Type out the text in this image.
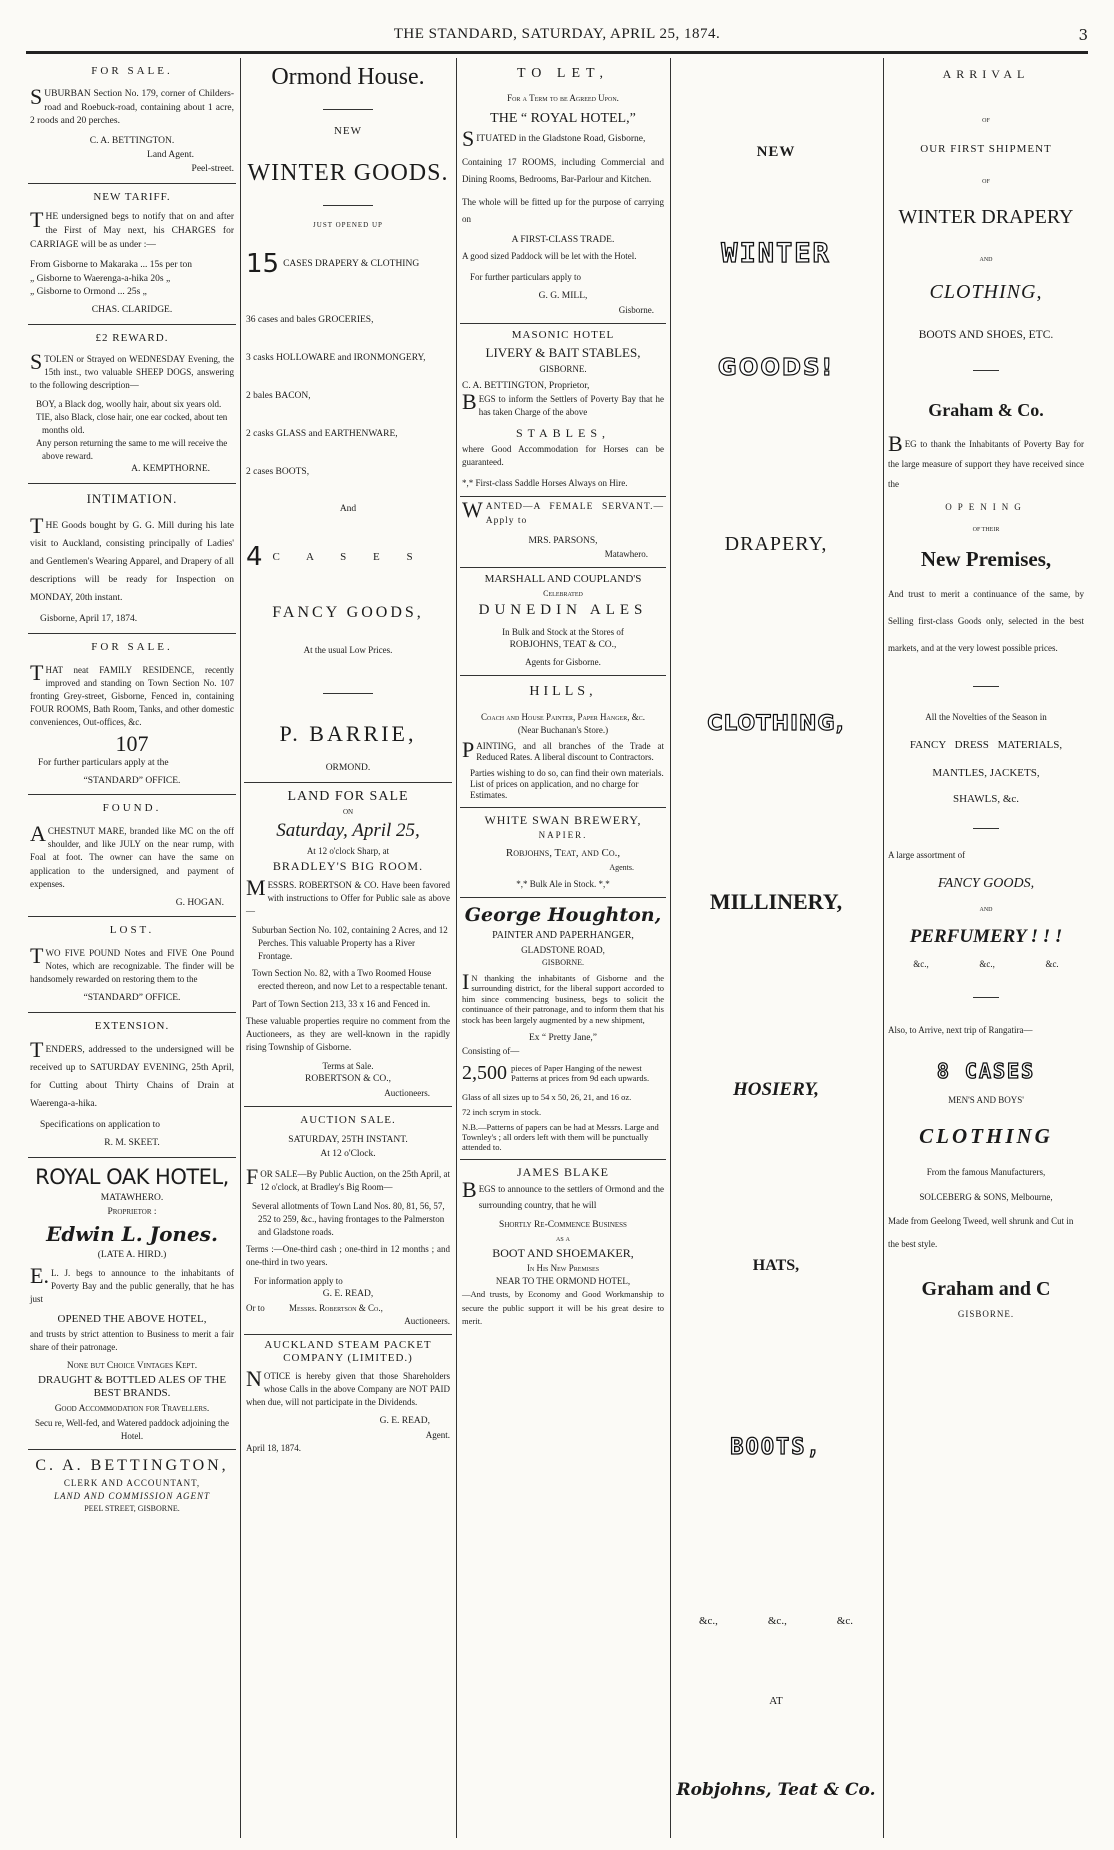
THE STANDARD, SATURDAY, APRIL 25, 1874.	3
FOR SALE.
SUBURBAN Section No. 179, corner of Childers-road and Roebuck-road, containing about 1 acre, 2 roods and 20 perches.
C. A. BETTINGTON.
Land Agent.
Peel-street.
NEW TARIFF.
THE undersigned begs to notify that on and after the First of May next, his CHARGES for CARRIAGE will be as under :—
From Gisborne to Makaraka ... 15s per ton
„ Gisborne to Waerenga-a-hika 20s „
„ Gisborne to Ormond ... 25s „
CHAS. CLARIDGE.
£2 REWARD.
STOLEN or Strayed on WEDNESDAY Evening, the 15th inst., two valuable SHEEP DOGS, answering to the following description—
BOY, a Black dog, woolly hair, about six years old.
TIE, also Black, close hair, one ear cocked, about ten months old.
Any person returning the same to me will receive the above reward.
A. KEMPTHORNE.
INTIMATION.
THE Goods bought by G. G. Mill during his late visit to Auckland, consisting principally of Ladies' and Gentlemen's Wearing Apparel, and Drapery of all descriptions will be ready for Inspection on MONDAY, 20th instant.
Gisborne, April 17, 1874.
FOR SALE.
THAT neat FAMILY RESIDENCE, recently improved and standing on Town Section No. 107 fronting Grey-street, Gisborne, Fenced in, containing FOUR ROOMS, Bath Room, Tanks, and other domestic conveniences, Out-offices, &c.
107
For further particulars apply at the
“STANDARD” OFFICE.
FOUND.
ACHESTNUT MARE, branded like MC on the off shoulder, and like JULY on the near rump, with Foal at foot. The owner can have the same on application to the undersigned, and payment of expenses.
G. HOGAN.
LOST.
TWO FIVE POUND Notes and FIVE One Pound Notes, which are recognizable. The finder will be handsomely rewarded on restoring them to the
“STANDARD” OFFICE.
EXTENSION.
TENDERS, addressed to the undersigned will be received up to SATURDAY EVENING, 25th April, for Cutting about Thirty Chains of Drain at Waerenga-a-hika.
Specifications on application to
R. M. SKEET.
ROYAL OAK HOTEL,
MATAWHERO.
Proprietor :
Edwin L. Jones.
(LATE A. HIRD.)
E.L. J. begs to announce to the inhabitants of Poverty Bay and the public generally, that he has just
OPENED THE ABOVE HOTEL,
and trusts by strict attention to Business to merit a fair share of their patronage.
None but Choice Vintages Kept.
DRAUGHT & BOTTLED ALES OF THE BEST BRANDS.
Good Accommodation for Travellers.
Secu re, Well-fed, and Watered paddock adjoining the Hotel.
C. A. BETTINGTON,
CLERK AND ACCOUNTANT,
LAND AND COMMISSION AGENT
PEEL STREET, GISBORNE.
Ormond House.
NEW
WINTER GOODS.
JUST OPENED UP
15 CASES DRAPERY & CLOTHING
36 cases and bales GROCERIES,
3 casks HOLLOWARE and IRONMONGERY,
2 bales BACON,
2 casks GLASS and EARTHENWARE,
2 cases BOOTS,
And
4 C A S E S
FANCY GOODS,
At the usual Low Prices.
P. BARRIE,
ORMOND.
LAND FOR SALE
ON
Saturday, April 25,
At 12 o'clock Sharp, at
BRADLEY'S BIG ROOM.
MESSRS. ROBERTSON & CO. Have been favored with instructions to Offer for Public sale as above—
Suburban Section No. 102, containing 2 Acres, and 12 Perches. This valuable Property has a River Frontage.
Town Section No. 82, with a Two Roomed House erected thereon, and now Let to a respectable tenant.
Part of Town Section 213, 33 x 16 and Fenced in.
These valuable properties require no comment from the Auctioneers, as they are well-known in the rapidly rising Township of Gisborne.
Terms at Sale.
ROBERTSON & CO.,
Auctioneers.
AUCTION SALE.
SATURDAY, 25TH INSTANT.
At 12 o'Clock.
FOR SALE—By Public Auction, on the 25th April, at 12 o'clock, at Bradley's Big Room—
Several allotments of Town Land Nos. 80, 81, 56, 57, 252 to 259, &c., having frontages to the Palmerston and Gladstone roads.
Terms :—One-third cash ; one-third in 12 months ; and one-third in two years.
For information apply to
G. E. READ,
Or to	Messrs. Robertson & Co.,
Auctioneers.
AUCKLAND STEAM PACKET COMPANY (LIMITED.)
NOTICE is hereby given that those Shareholders whose Calls in the above Company are NOT PAID when due, will not participate in the Dividends.
G. E. READ,
Agent.
April 18, 1874.
TO LET,
For a Term to be Agreed Upon.
THE “ ROYAL HOTEL,”
SITUATED in the Gladstone Road, Gisborne,
Containing 17 ROOMS, including Commercial and Dining Rooms, Bedrooms, Bar-Parlour and Kitchen.
The whole will be fitted up for the purpose of carrying on
A FIRST-CLASS TRADE.
A good sized Paddock will be let with the Hotel.
For further particulars apply to
G. G. MILL,
Gisborne.
MASONIC HOTEL
LIVERY & BAIT STABLES,
GISBORNE.
C. A. BETTINGTON, Proprietor,
BEGS to inform the Settlers of Poverty Bay that he has taken Charge of the above
STABLES,
where Good Accommodation for Horses can be guaranteed.
*,* First-class Saddle Horses Always on Hire.
WANTED—A FEMALE SERVANT.—Apply to
MRS. PARSONS,
Matawhero.
MARSHALL AND COUPLAND'S
Celebrated
DUNEDIN ALES
In Bulk and Stock at the Stores of
ROBJOHNS, TEAT & CO.,
Agents for Gisborne.
HILLS,
Coach and House Painter, Paper Hanger, &c.
(Near Buchanan's Store.)
PAINTING, and all branches of the Trade at Reduced Rates. A liberal discount to Contractors.
Parties wishing to do so, can find their own materials.
List of prices on application, and no charge for Estimates.
WHITE SWAN BREWERY,
NAPIER.
Robjohns, Teat, and Co.,
Agents.
*,* Bulk Ale in Stock. *,*
George Houghton,
PAINTER AND PAPERHANGER,
GLADSTONE ROAD,
GISBORNE.
IN thanking the inhabitants of Gisborne and the surrounding district, for the liberal support accorded to him since commencing business, begs to solicit the continuance of their patronage, and to inform them that his stock has been largely augmented by a new shipment,
Ex “ Pretty Jane,”
Consisting of—
2,500 pieces of Paper Hanging of the newest Patterns at prices from 9d each upwards.
Glass of all sizes up to 54 x 50, 26, 21, and 16 oz.
72 inch scrym in stock.
N.B.—Patterns of papers can be had at Messrs. Large and Townley's ; all orders left with them will be punctually attended to.
JAMES BLAKE
BEGS to announce to the settlers of Ormond and the surrounding country, that he will
Shortly Re-Commence Business
as a
BOOT AND SHOEMAKER,
In His New Premises
NEAR TO THE ORMOND HOTEL,
—And trusts, by Economy and Good Workmanship to secure the public support it will be his great desire to merit.
NEW
WINTER
GOODS!
DRAPERY,
CLOTHING,
MILLINERY,
HOSIERY,
HATS,
BOOTS,
&c.,	&c.,	&c.
AT
Robjohns, Teat & Co.
ARRIVAL
OF
OUR FIRST SHIPMENT
OF
WINTER DRAPERY
AND
CLOTHING,
BOOTS AND SHOES, ETC.
Graham & Co.
BEG to thank the Inhabitants of Poverty Bay for the large measure of support they have received since the
OPENING
OF THEIR
New Premises,
And trust to merit a continuance of the same, by Selling first-class Goods only, selected in the best markets, and at the very lowest possible prices.
All the Novelties of the Season in
FANCY DRESS MATERIALS,
MANTLES, JACKETS,
SHAWLS, &c.
A large assortment of
FANCY GOODS,
AND
PERFUMERY ! ! !
&c.,	&c.,	&c.
Also, to Arrive, next trip of Rangatira—
8 CASES
MEN'S AND BOYS'
CLOTHING
From the famous Manufacturers,
SOLCEBERG & SONS, Melbourne,
Made from Geelong Tweed, well shrunk and Cut in the best style.
Graham and C
GISBORNE.
